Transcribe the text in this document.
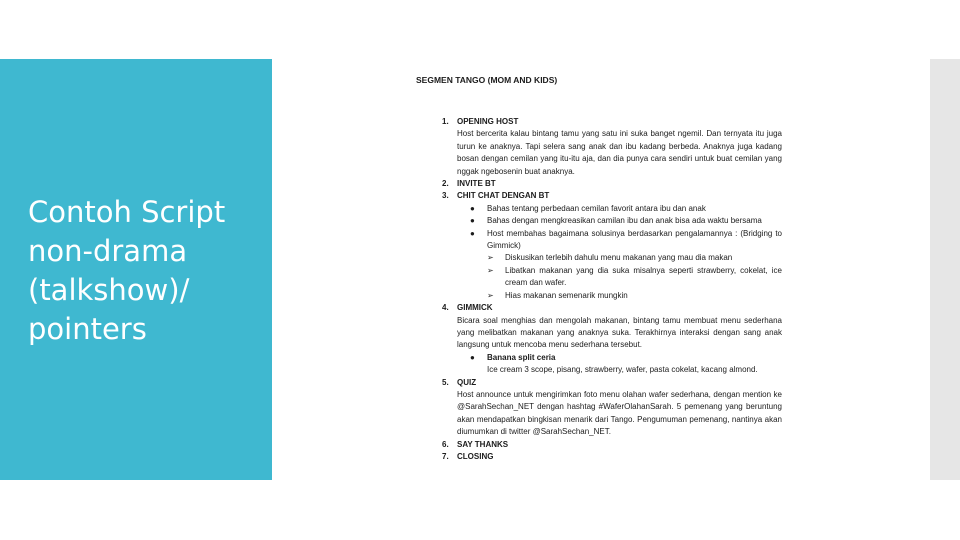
Contoh Script
non-drama
(talkshow)/
pointers
SEGMEN TANGO (MOM AND KIDS)
1. OPENING HOST
Host bercerita kalau bintang tamu yang satu ini suka banget ngemil. Dan ternyata itu juga turun ke anaknya. Tapi selera sang anak dan ibu kadang berbeda. Anaknya juga kadang bosan dengan cemilan yang itu-itu aja, dan dia punya cara sendiri untuk buat cemilan yang nggak ngebosenin buat anaknya.
2. INVITE BT
3. CHIT CHAT DENGAN BT
● Bahas tentang perbedaan cemilan favorit antara ibu dan anak
● Bahas dengan mengkreasikan camilan ibu dan anak bisa ada waktu bersama
● Host membahas bagaimana solusinya berdasarkan pengalamannya : (Bridging to Gimmick)
➢ Diskusikan terlebih dahulu menu makanan yang mau dia makan
➢ Libatkan makanan yang dia suka misalnya seperti strawberry, cokelat, ice cream dan wafer.
➢ Hias makanan semenarik mungkin
4. GIMMICK
Bicara soal menghias dan mengolah makanan, bintang tamu membuat menu sederhana yang melibatkan makanan yang anaknya suka. Terakhirnya interaksi dengan sang anak langsung untuk mencoba menu sederhana tersebut.
● Banana split ceria
Ice cream 3 scope, pisang, strawberry, wafer, pasta cokelat, kacang almond.
5. QUIZ
Host announce untuk mengirimkan foto menu olahan wafer sederhana, dengan mention ke @SarahSechan_NET dengan hashtag #WaferOlahanSarah. 5 pemenang yang beruntung akan mendapatkan bingkisan menarik dari Tango. Pengumuman pemenang, nantinya akan diumumkan di twitter @SarahSechan_NET.
6. SAY THANKS
7. CLOSING
